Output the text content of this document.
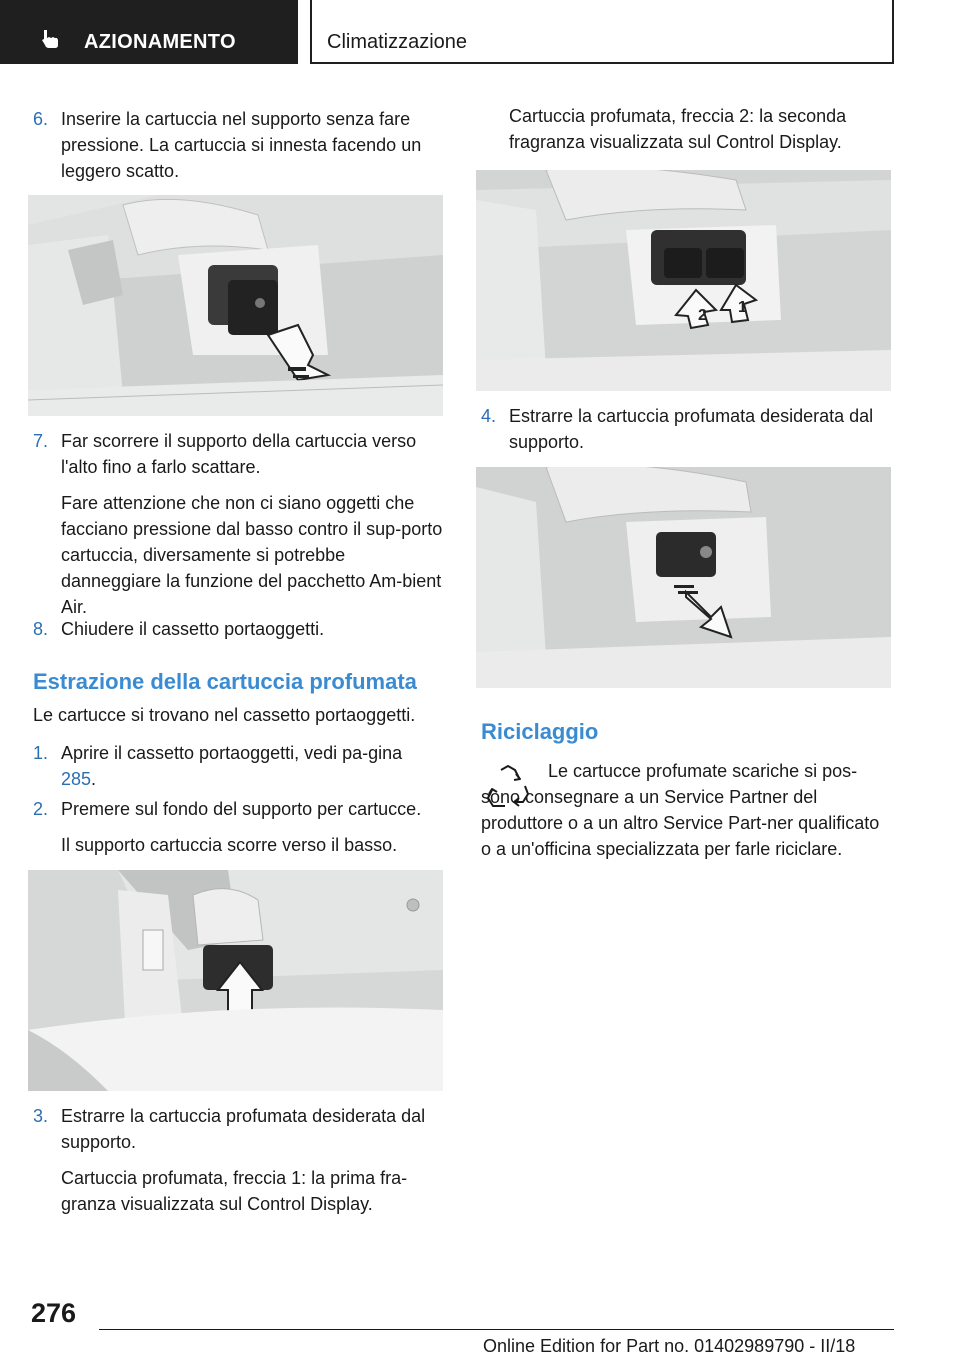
AZIONAMENTO	Climatizzazione
6. Inserire la cartuccia nel supporto senza fare pressione. La cartuccia si innesta facendo un leggero scatto.
7. Far scorrere il supporto della cartuccia verso l'alto fino a farlo scattare.
Fare attenzione che non ci siano oggetti che facciano pressione dal basso contro il sup-porto cartuccia, diversamente si potrebbe danneggiare la funzione del pacchetto Am-bient Air.
8. Chiudere il cassetto portaoggetti.
Estrazione della cartuccia profumata
Le cartucce si trovano nel cassetto portaoggetti.
1. Aprire il cassetto portaoggetti, vedi pa-gina 285.
2. Premere sul fondo del supporto per cartucce.
Il supporto cartuccia scorre verso il basso.
3. Estrarre la cartuccia profumata desiderata dal supporto.
Cartuccia profumata, freccia 1: la prima fra-granza visualizzata sul Control Display.
Cartuccia profumata, freccia 2: la seconda fragranza visualizzata sul Control Display.
2 1
4. Estrarre la cartuccia profumata desiderata dal supporto.
Riciclaggio
Le cartucce profumate scariche si pos-sono consegnare a un Service Partner del produttore o a un altro Service Part-ner qualificato o a un'officina specializzata per farle riciclare.
276
Online Edition for Part no. 01402989790 - II/18
